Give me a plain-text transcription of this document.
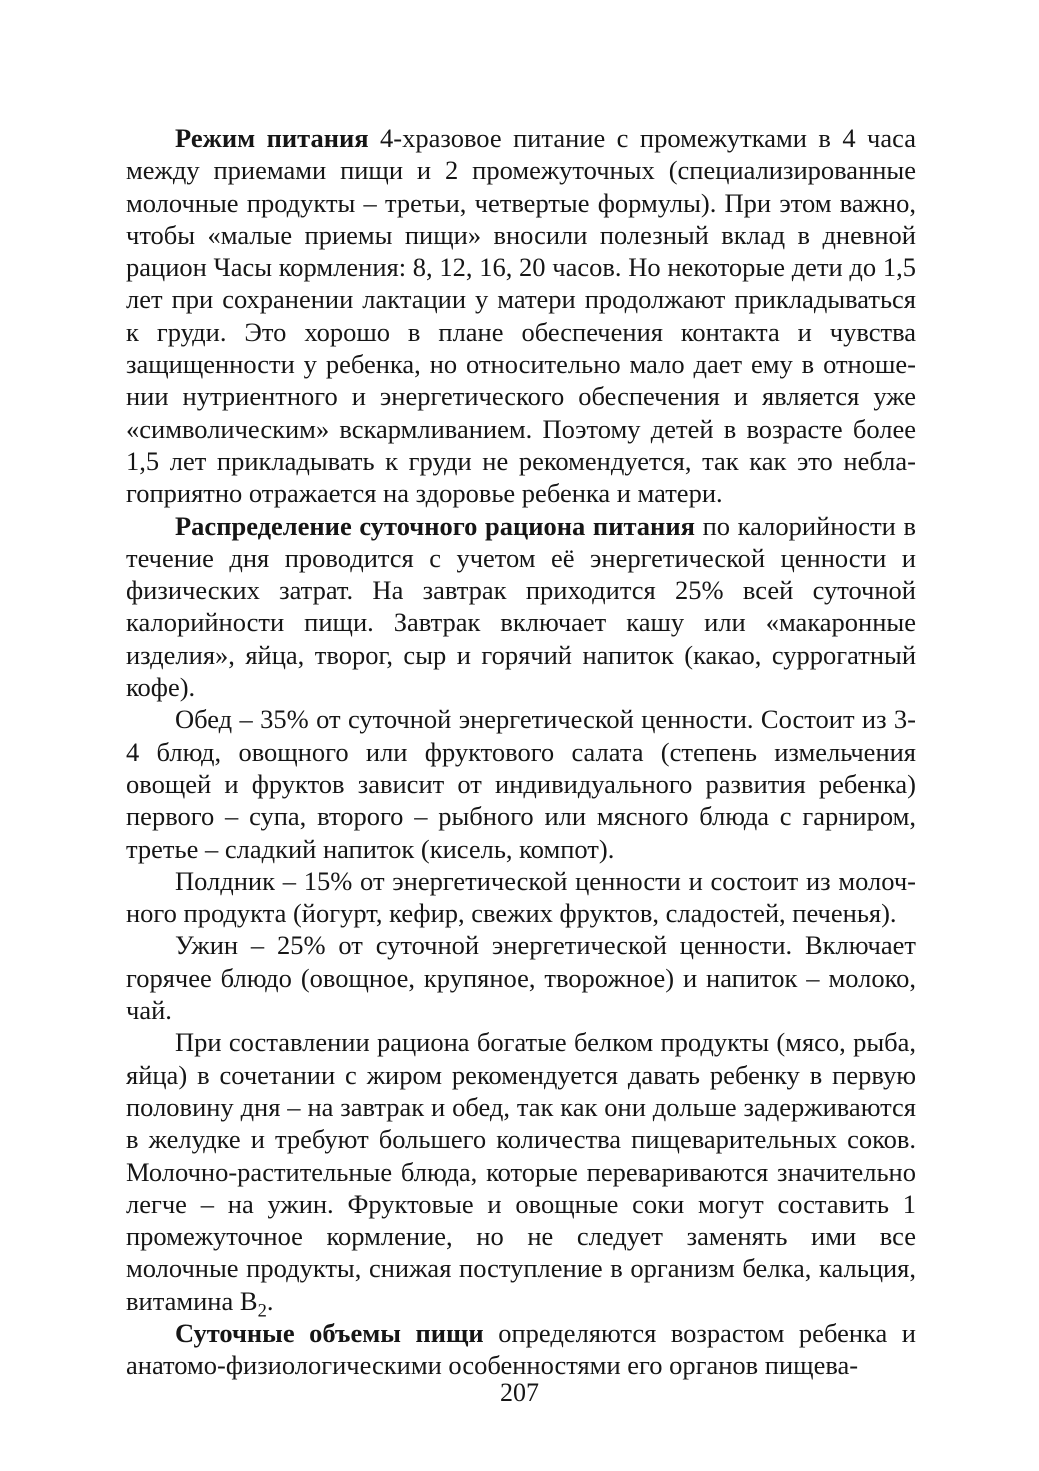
Режим питания 4-хразовое питание с промежутками в 4 часа между приемами пищи и 2 промежуточных (специализированные молочные продукты – третьи, четвертые формулы). При этом важно, чтобы «малые приемы пищи» вносили полезный вклад в дневной рацион Часы кормления: 8, 12, 16, 20 часов. Но некоторые дети до 1,5 лет при сохранении лактации у матери продолжают прикладываться к груди. Это хорошо в плане обеспечения контакта и чувства защищенности у ребенка, но относительно мало дает ему в отношении нутриентного и энергетического обеспечения и является уже «символическим» вскармливанием. Поэтому детей в возрасте более 1,5 лет прикладывать к груди не рекомендуется, так как это неблагоприятно отражается на здоровье ребенка и матери.

Распределение суточного рациона питания по калорийности в течение дня проводится с учетом её энергетической ценности и физических затрат. На завтрак приходится 25% всей суточной калорийности пищи. Завтрак включает кашу или «макаронные изделия», яйца, творог, сыр и горячий напиток (какао, суррогатный кофе).

Обед – 35% от суточной энергетической ценности. Состоит из 3-4 блюд, овощного или фруктового салата (степень измельчения овощей и фруктов зависит от индивидуального развития ребенка) первого – супа, второго – рыбного или мясного блюда с гарниром, третье – сладкий напиток (кисель, компот).

Полдник – 15% от энергетической ценности и состоит из молочного продукта (йогурт, кефир, свежих фруктов, сладостей, печенья).

Ужин – 25% от суточной энергетической ценности. Включает горячее блюдо (овощное, крупяное, творожное) и напиток – молоко, чай.

При составлении рациона богатые белком продукты (мясо, рыба, яйца) в сочетании с жиром рекомендуется давать ребенку в первую половину дня – на завтрак и обед, так как они дольше задерживаются в желудке и требуют большего количества пищеварительных соков. Молочно-растительные блюда, которые перевариваются значительно легче – на ужин. Фруктовые и овощные соки могут составить 1 промежуточное кормление, но не следует заменять ими все молочные продукты, снижая поступление в организм белка, кальция, витамина $В_2$.

Суточные объемы пищи определяются возрастом ребенка и анатомо-физиологическими особенностями его органов пищева-

207
